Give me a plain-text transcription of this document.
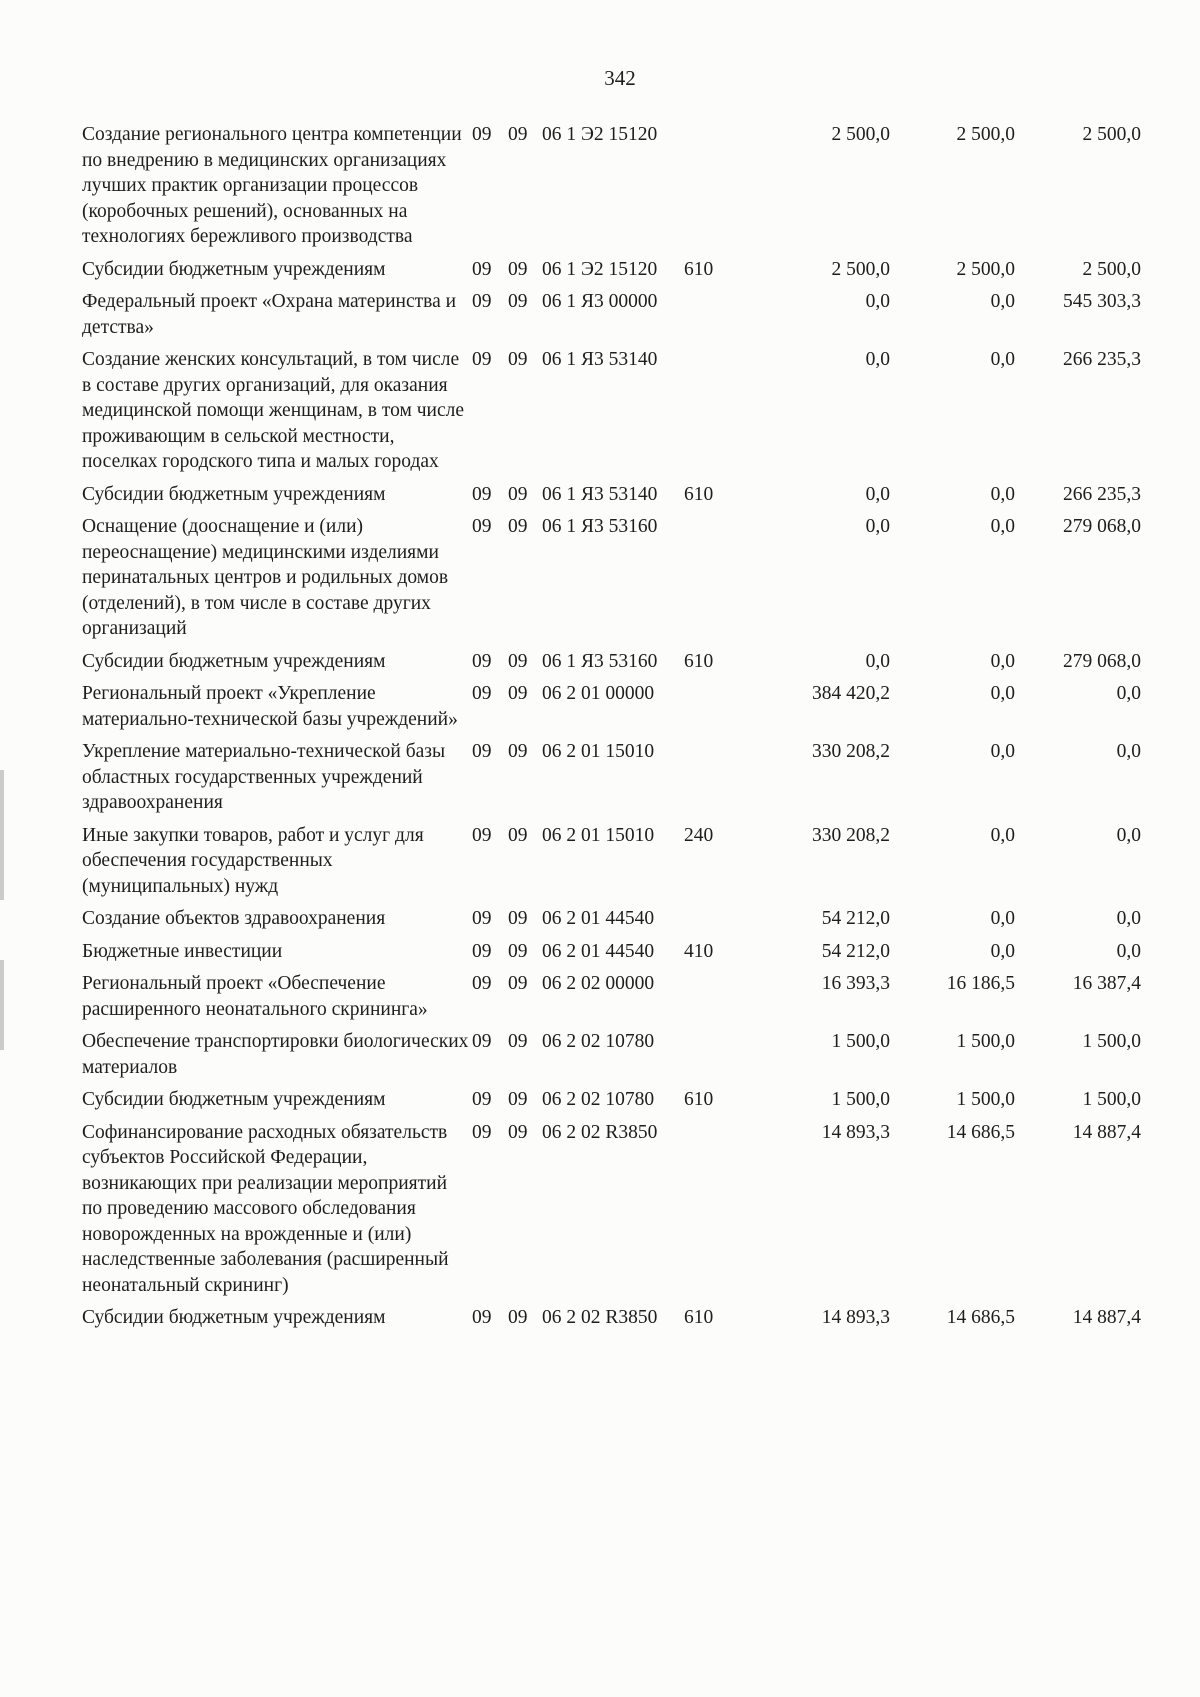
342
Создание регионального центра компетенции по внедрению в медицинских организациях лучших практик организации процессов (коробочных решений), основанных на технологиях бережливого производства	09	09	06 1 Э2 15120		2 500,0	2 500,0	2 500,0
Субсидии бюджетным учреждениям	09	09	06 1 Э2 15120	610	2 500,0	2 500,0	2 500,0
Федеральный проект «Охрана материнства и детства»	09	09	06 1 Я3 00000		0,0	0,0	545 303,3
Создание женских консультаций, в том числе в составе других организаций, для оказания медицинской помощи женщинам, в том числе проживающим в сельской местности, поселках городского типа и малых городах	09	09	06 1 Я3 53140		0,0	0,0	266 235,3
Субсидии бюджетным учреждениям	09	09	06 1 Я3 53140	610	0,0	0,0	266 235,3
Оснащение (дооснащение и (или) переоснащение) медицинскими изделиями перинатальных центров и родильных домов (отделений), в том числе в составе других организаций	09	09	06 1 Я3 53160		0,0	0,0	279 068,0
Субсидии бюджетным учреждениям	09	09	06 1 Я3 53160	610	0,0	0,0	279 068,0
Региональный проект «Укрепление материально-технической базы учреждений»	09	09	06 2 01 00000		384 420,2	0,0	0,0
Укрепление материально-технической базы областных государственных учреждений здравоохранения	09	09	06 2 01 15010		330 208,2	0,0	0,0
Иные закупки товаров, работ и услуг для обеспечения государственных (муниципальных) нужд	09	09	06 2 01 15010	240	330 208,2	0,0	0,0
Создание объектов здравоохранения	09	09	06 2 01 44540		54 212,0	0,0	0,0
Бюджетные инвестиции	09	09	06 2 01 44540	410	54 212,0	0,0	0,0
Региональный проект «Обеспечение расширенного неонатального скрининга»	09	09	06 2 02 00000		16 393,3	16 186,5	16 387,4
Обеспечение транспортировки биологических материалов	09	09	06 2 02 10780		1 500,0	1 500,0	1 500,0
Субсидии бюджетным учреждениям	09	09	06 2 02 10780	610	1 500,0	1 500,0	1 500,0
Софинансирование расходных обязательств субъектов Российской Федерации, возникающих при реализации мероприятий по проведению массового обследования новорожденных на врожденные и (или) наследственные заболевания (расширенный неонатальный скрининг)	09	09	06 2 02 R3850		14 893,3	14 686,5	14 887,4
Субсидии бюджетным учреждениям	09	09	06 2 02 R3850	610	14 893,3	14 686,5	14 887,4
